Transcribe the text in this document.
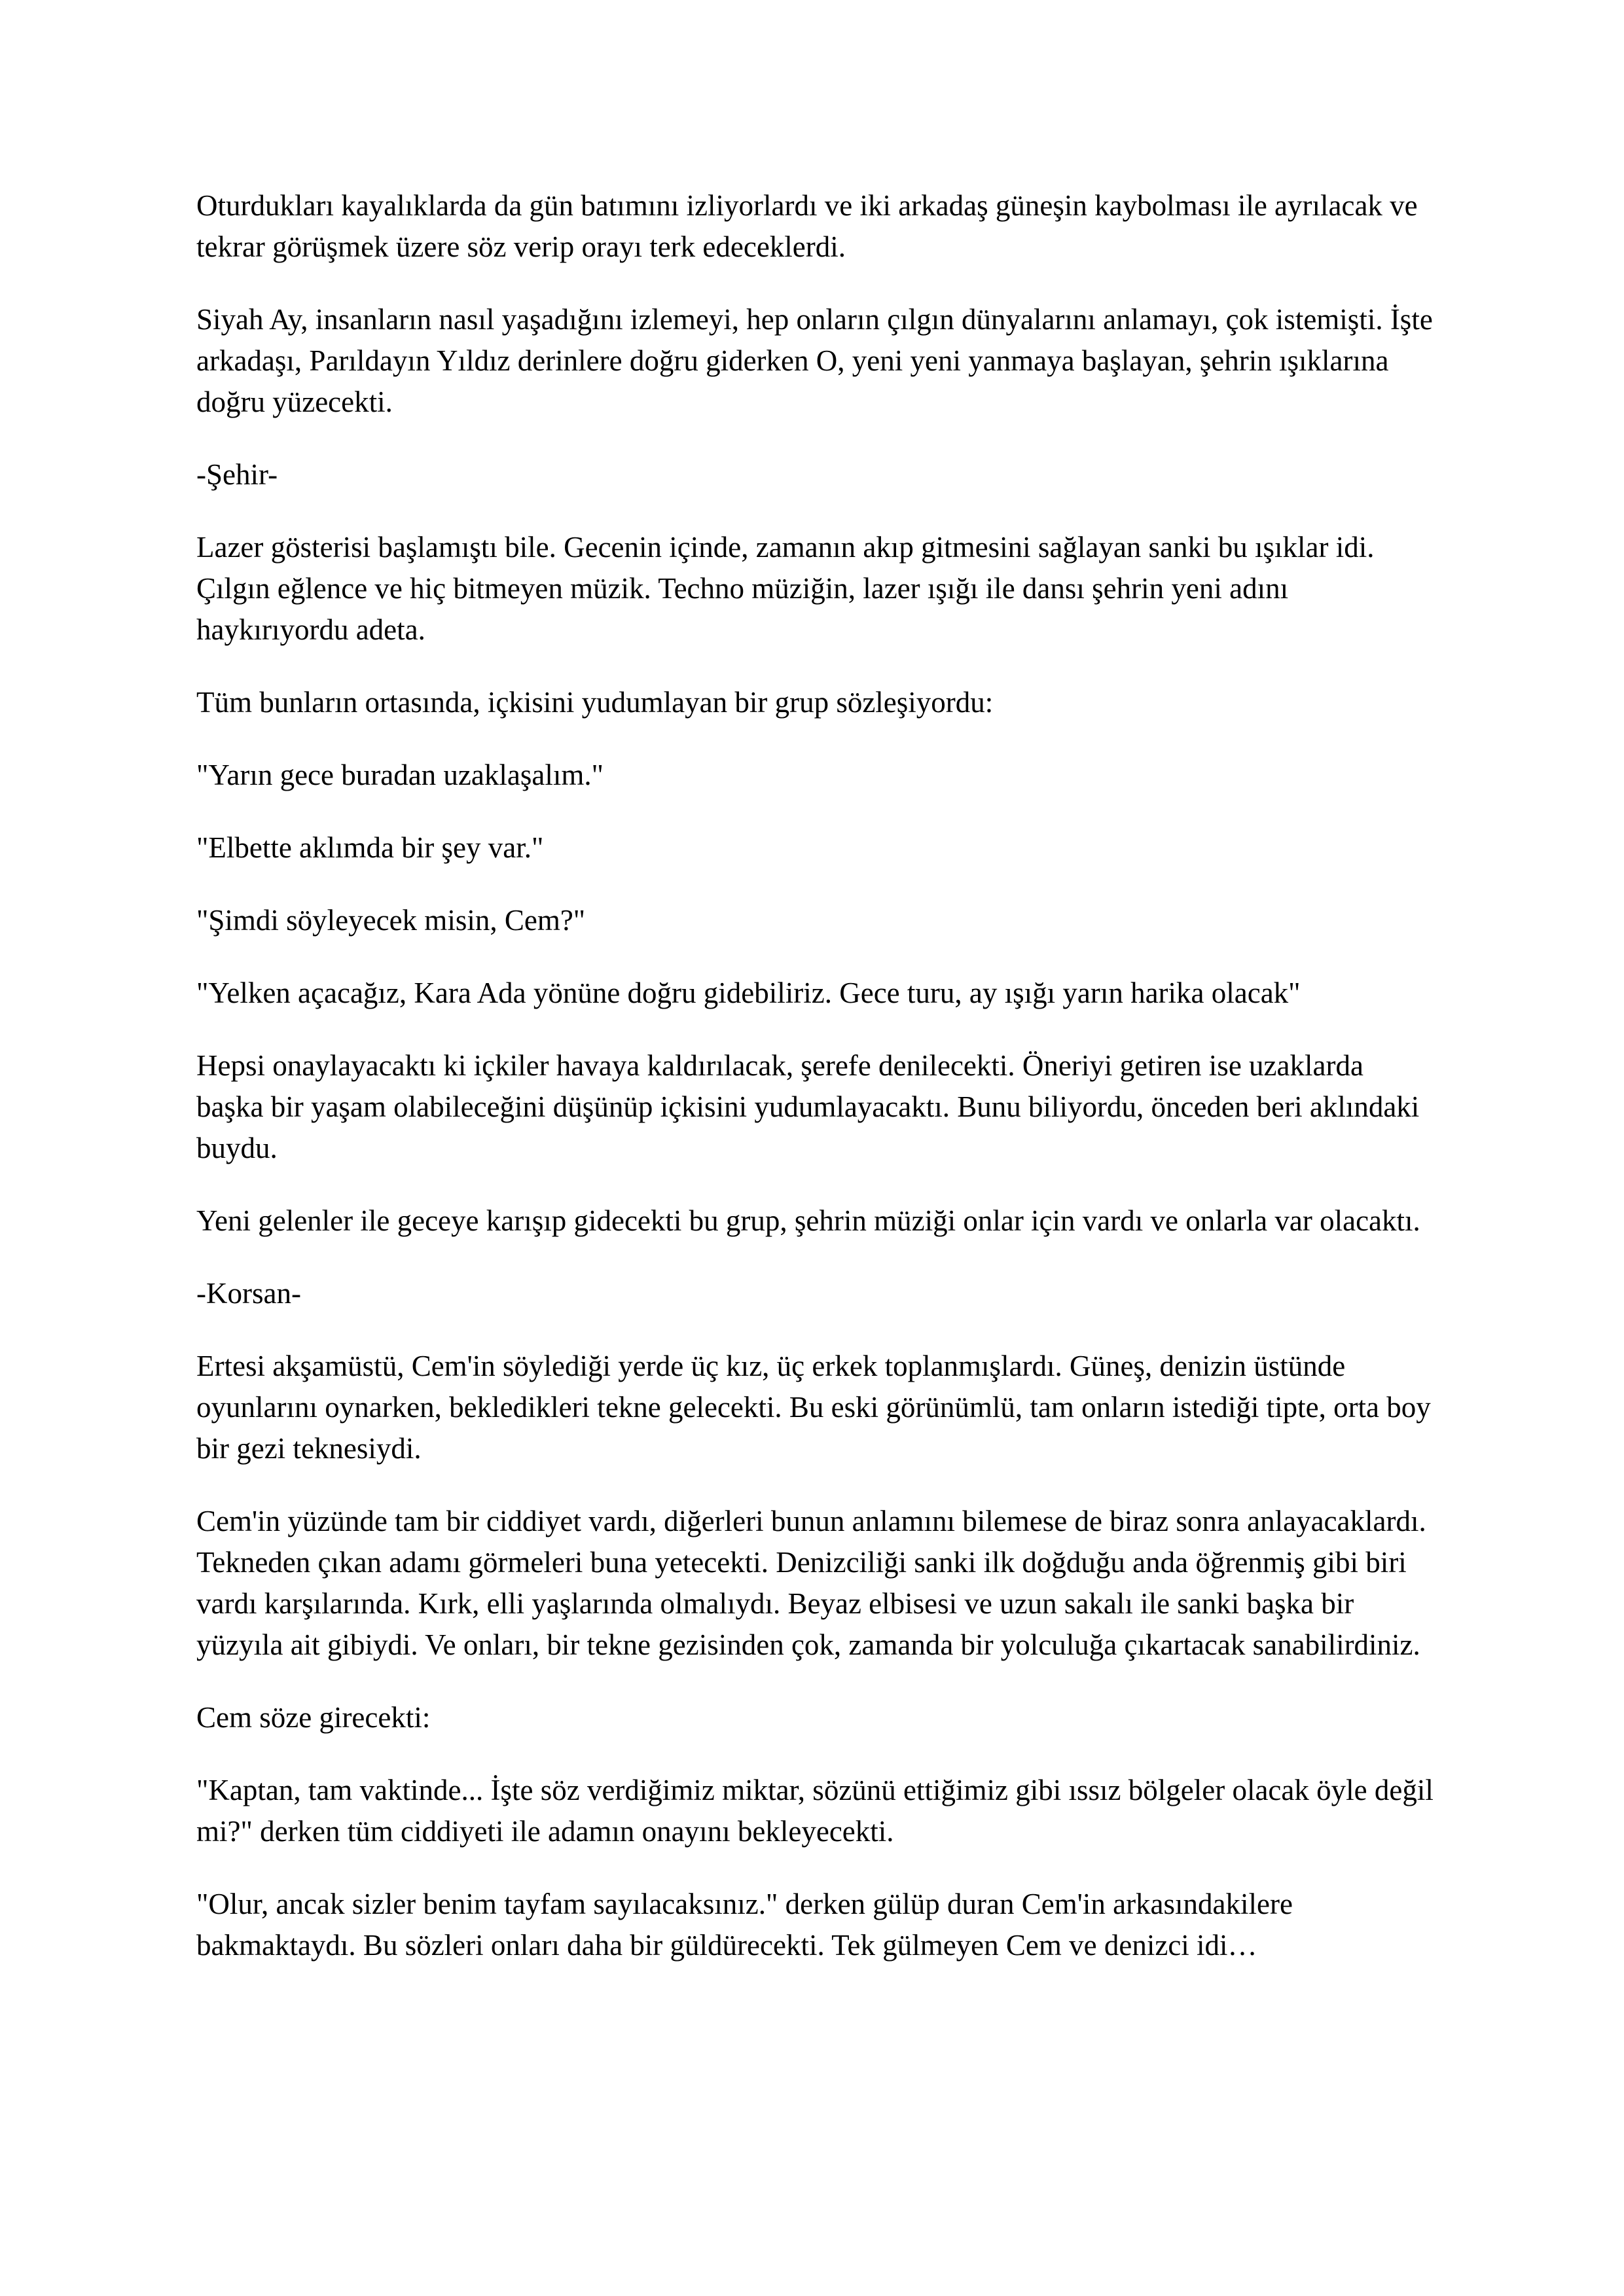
Oturdukları kayalıklarda da gün batımını izliyorlardı ve iki arkadaş güneşin kaybolması ile ayrılacak ve tekrar görüşmek üzere söz verip orayı terk edeceklerdi.

Siyah Ay, insanların nasıl yaşadığını izlemeyi, hep onların çılgın dünyalarını anlamayı, çok istemişti. İşte arkadaşı, Parıldayın Yıldız derinlere doğru giderken O, yeni yeni yanmaya başlayan, şehrin ışıklarına doğru yüzecekti.

-Şehir-

Lazer gösterisi başlamıştı bile. Gecenin içinde, zamanın akıp gitmesini sağlayan sanki bu ışıklar idi. Çılgın eğlence ve hiç bitmeyen müzik. Techno müziğin, lazer ışığı ile dansı şehrin yeni adını haykırıyordu adeta.

Tüm bunların ortasında, içkisini yudumlayan bir grup sözleşiyordu:

"Yarın gece buradan uzaklaşalım."

"Elbette aklımda bir şey var."

"Şimdi söyleyecek misin, Cem?"

"Yelken açacağız, Kara Ada yönüne doğru gidebiliriz. Gece turu, ay ışığı yarın harika olacak"

Hepsi onaylayacaktı ki içkiler havaya kaldırılacak, şerefe denilecekti. Öneriyi getiren ise uzaklarda başka bir yaşam olabileceğini düşünüp içkisini yudumlayacaktı. Bunu biliyordu, önceden beri aklındaki buydu.

Yeni gelenler ile geceye karışıp gidecekti bu grup, şehrin müziği onlar için vardı ve onlarla var olacaktı.

-Korsan-

Ertesi akşamüstü, Cem'in söylediği yerde üç kız, üç erkek toplanmışlardı. Güneş, denizin üstünde oyunlarını oynarken, bekledikleri tekne gelecekti. Bu eski görünümlü, tam onların istediği tipte, orta boy bir gezi teknesiydi.

Cem'in yüzünde tam bir ciddiyet vardı, diğerleri bunun anlamını bilemese de biraz sonra anlayacaklardı. Tekneden çıkan adamı görmeleri buna yetecekti. Denizciliği sanki ilk doğduğu anda öğrenmiş gibi biri vardı karşılarında. Kırk, elli yaşlarında olmalıydı. Beyaz elbisesi ve uzun sakalı ile sanki başka bir yüzyıla ait gibiydi. Ve onları, bir tekne gezisinden çok, zamanda bir yolculuğa çıkartacak sanabilirdiniz.

Cem söze girecekti:

"Kaptan, tam vaktinde... İşte söz verdiğimiz miktar, sözünü ettiğimiz gibi ıssız bölgeler olacak öyle değil mi?" derken tüm ciddiyeti ile adamın onayını bekleyecekti.

"Olur, ancak sizler benim tayfam sayılacaksınız." derken gülüp duran Cem'in arkasındakilere bakmaktaydı. Bu sözleri onları daha bir güldürecekti. Tek gülmeyen Cem ve denizci idi…
